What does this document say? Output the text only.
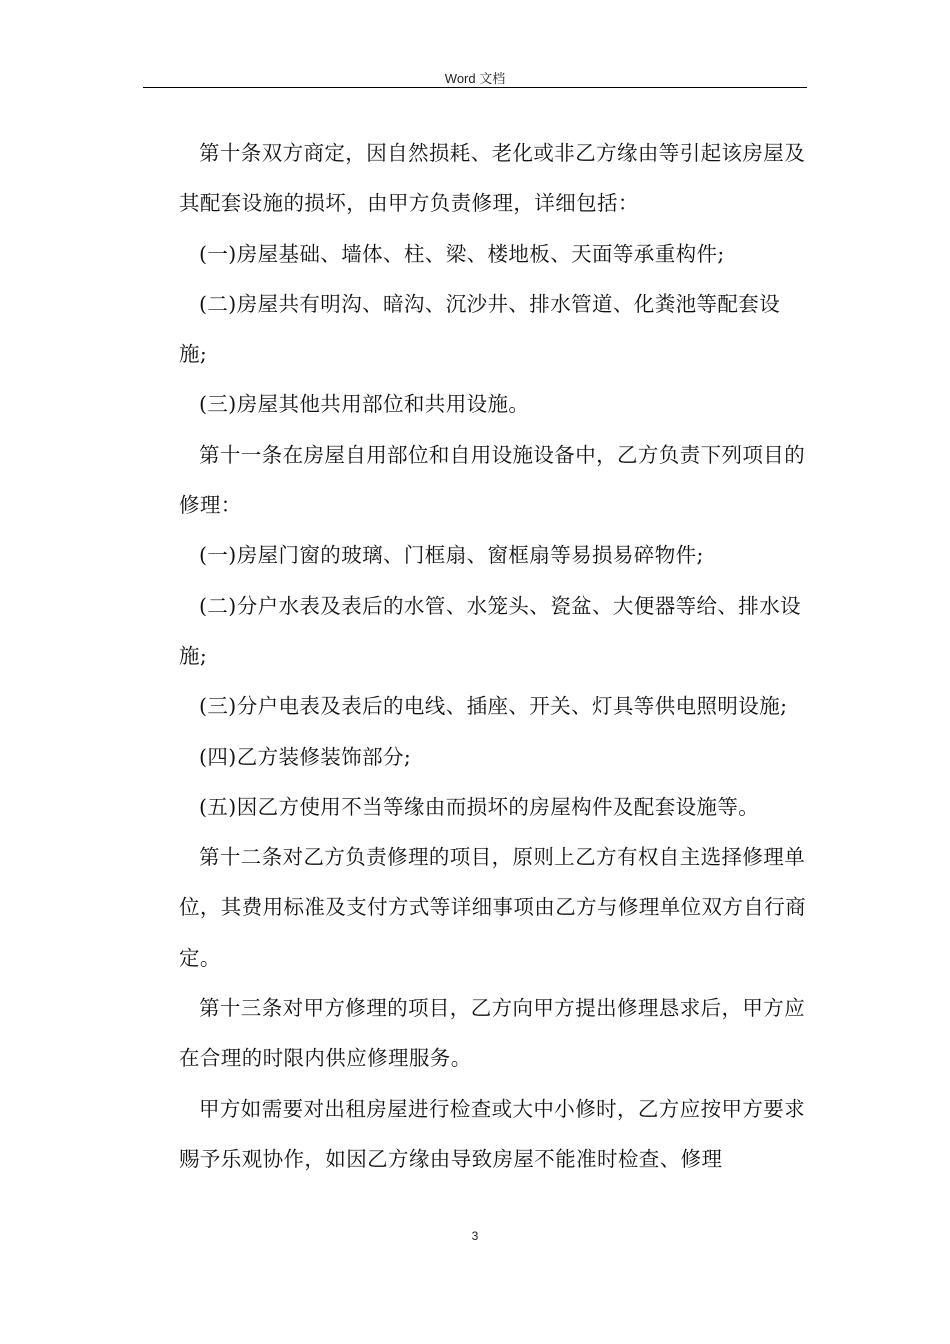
Word 文档

第十条双方商定，因自然损耗、老化或非乙方缘由等引起该房屋及其配套设施的损坏，由甲方负责修理，详细包括：

(一)房屋基础、墙体、柱、梁、楼地板、天面等承重构件;

(二)房屋共有明沟、暗沟、沉沙井、排水管道、化粪池等配套设施;

(三)房屋其他共用部位和共用设施。

第十一条在房屋自用部位和自用设施设备中，乙方负责下列项目的修理：

(一)房屋门窗的玻璃、门框扇、窗框扇等易损易碎物件;

(二)分户水表及表后的水管、水笼头、瓷盆、大便器等给、排水设施;

(三)分户电表及表后的电线、插座、开关、灯具等供电照明设施;

(四)乙方装修装饰部分;

(五)因乙方使用不当等缘由而损坏的房屋构件及配套设施等。

第十二条对乙方负责修理的项目，原则上乙方有权自主选择修理单位，其费用标准及支付方式等详细事项由乙方与修理单位双方自行商定。

第十三条对甲方修理的项目，乙方向甲方提出修理恳求后，甲方应在合理的时限内供应修理服务。

甲方如需要对出租房屋进行检查或大中小修时，乙方应按甲方要求赐予乐观协作，如因乙方缘由导致房屋不能准时检查、修理

3
